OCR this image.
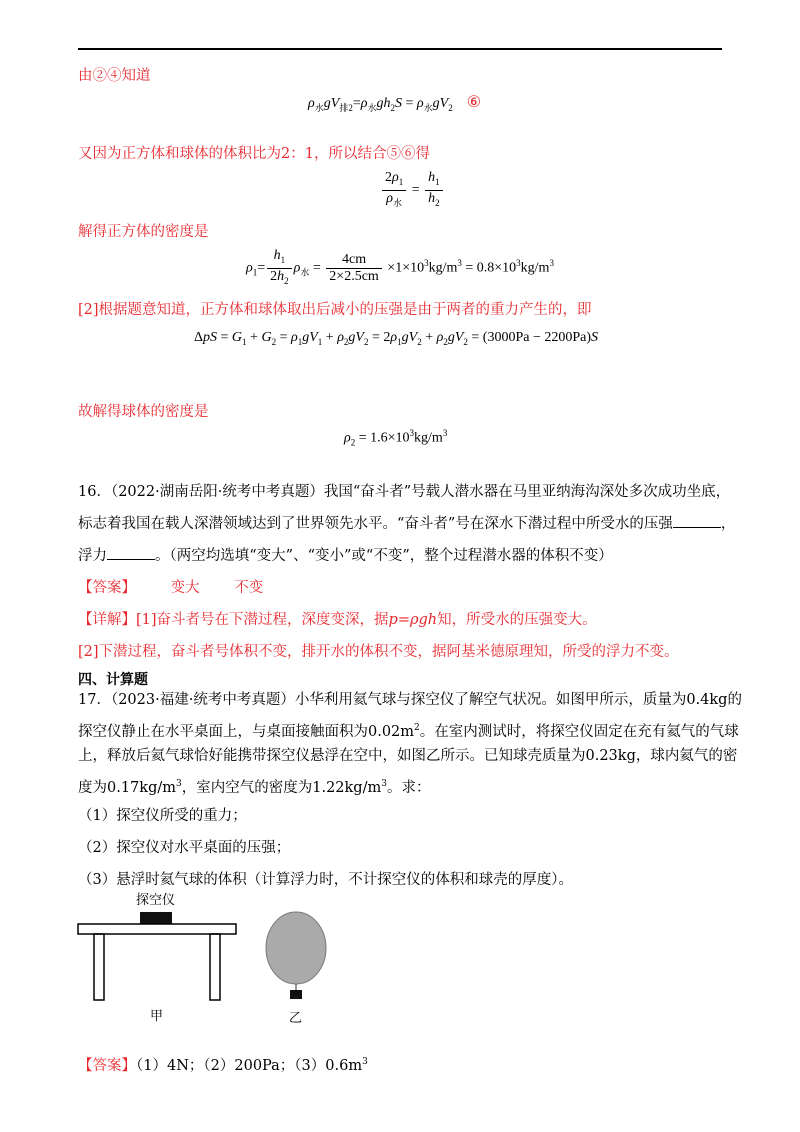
由②④知道
$\rho_水gV_{排2}=\rho_水gh_2S = \rho_水gV_2$ ⑥
又因为正方体和球体的体积比为2：1，所以结合⑤⑥得
$\frac{2\rho_1}{\rho_水} = \frac{h_1}{h_2}$
解得正方体的密度是
$\rho_1= \frac{h_1}{2h_2} \rho_水 = \frac{4cm}{2\times 2.5cm} \times 1\times 10^3kg/m^3 = 0.8\times 10^3kg/m^3$
[2]根据题意知道，正方体和球体取出后减小的压强是由于两者的重力产生的，即
$\Delta pS = G_1 + G_2 = \rho_1gV_1 + \rho_2gV_2 = 2\rho_1gV_2 + \rho_2gV_2 = (3000Pa - 2200Pa)S$
故解得球体的密度是
$\rho_2 = 1.6\times 10^3kg/m^3$
16．（2022·湖南岳阳·统考中考真题）我国“奋斗者”号载人潜水器在马里亚纳海沟深处多次成功坐底，
标志着我国在载人深潜领域达到了世界领先水平。“奋斗者”号在深水下潜过程中所受水的压强	，
浮力	。（两空均选填“变大”、“变小”或“不变”，整个过程潜水器的体积不变）
【答案】 变大 不变
【详解】[1]奋斗者号在下潜过程，深度变深，据p=ρgh知，所受水的压强变大。
[2]下潜过程，奋斗者号体积不变，排开水的体积不变，据阿基米德原理知，所受的浮力不变。
四、计算题
17．（2023·福建·统考中考真题）小华利用氦气球与探空仪了解空气状况。如图甲所示，质量为0.4kg的
探空仪静止在水平桌面上，与桌面接触面积为$0.02m^2$。在室内测试时，将探空仪固定在充有氦气的气球
上，释放后氦气球恰好能携带探空仪悬浮在空中，如图乙所示。已知球壳质量为0.23kg，球内氦气的密
度为$0.17kg/m^3$，室内空气的密度为$1.22kg/m^3$。求：
（1）探空仪所受的重力；
（2）探空仪对水平桌面的压强；
（3）悬浮时氦气球的体积（计算浮力时，不计探空仪的体积和球壳的厚度）。
探空仪
甲	乙
【答案】（1）4N；（2）200Pa；$(3)0.6m^3$
